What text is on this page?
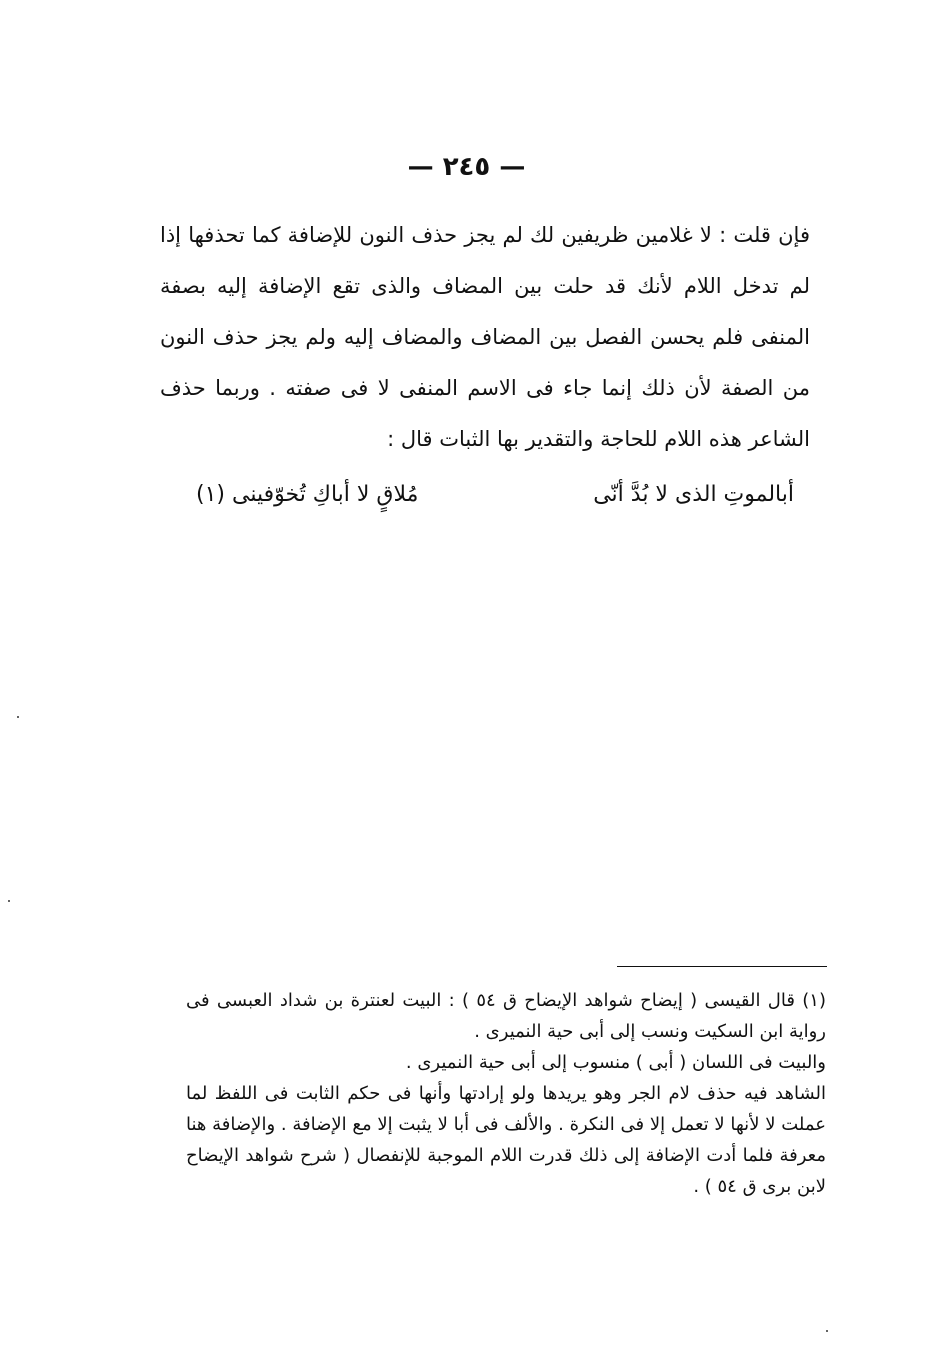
— ٢٤٥ —

فإن قلت : لا غلامين ظريفين لك لم يجز حذف النون للإضافة كما تحذفها إذا لم تدخل اللام لأنك قد حلت بين المضاف والذى تقع الإضافة إليه بصفة المنفى فلم يحسن الفصل بين المضاف والمضاف إليه ولم يجز حذف النون من الصفة لأن ذلك إنما جاء فى الاسم المنفى لا فى صفته . وربما حذف الشاعر هذه اللام للحاجة والتقدير بها الثبات قال :

أبالموتِ الذى لا بُدَّ أنّى
مُلاقٍ لا أباكِ تُخوّفينى (١)

(١) قال القيسى ( إيضاح شواهد الإيضاح ق ٥٤ ) : البيت لعنترة بن شداد العبسى فى رواية ابن السكيت ونسب إلى أبى حية النميرى .

والبيت فى اللسان ( أبى ) منسوب إلى أبى حية النميرى .

الشاهد فيه حذف لام الجر وهو يريدها ولو إرادتها وأنها فى حكم الثابت فى اللفظ لما عملت لا لأنها لا تعمل إلا فى النكرة . والألف فى أبا لا يثبت إلا مع الإضافة . والإضافة هنا معرفة فلما أدت الإضافة إلى ذلك قدرت اللام الموجبة للإنفصال ( شرح شواهد الإيضاح لابن برى ق ٥٤ ) .
